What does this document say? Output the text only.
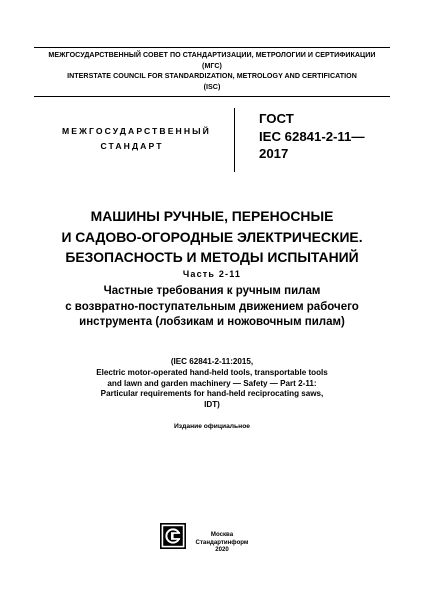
МЕЖГОСУДАРСТВЕННЫЙ СОВЕТ ПО СТАНДАРТИЗАЦИИ, МЕТРОЛОГИИ И СЕРТИФИКАЦИИ
(МГС)
INTERSTATE COUNCIL FOR STANDARDIZATION, METROLOGY AND CERTIFICATION
(ISC)
МЕЖГОСУДАРСТВЕННЫЙ
СТАНДАРТ
ГОСТ
IEC 62841-2-11—
2017
МАШИНЫ РУЧНЫЕ, ПЕРЕНОСНЫЕ
И САДОВО-ОГОРОДНЫЕ ЭЛЕКТРИЧЕСКИЕ.
БЕЗОПАСНОСТЬ И МЕТОДЫ ИСПЫТАНИЙ
Часть 2-11
Частные требования к ручным пилам
с возвратно-поступательным движением рабочего
инструмента (лобзикам и ножовочным пилам)
(IEC 62841-2-11:2015,
Electric motor-operated hand-held tools, transportable tools
and lawn and garden machinery — Safety — Part 2-11:
Particular requirements for hand-held reciprocating saws,
IDT)
Издание официальное
Москва
Стандартинформ
2020
